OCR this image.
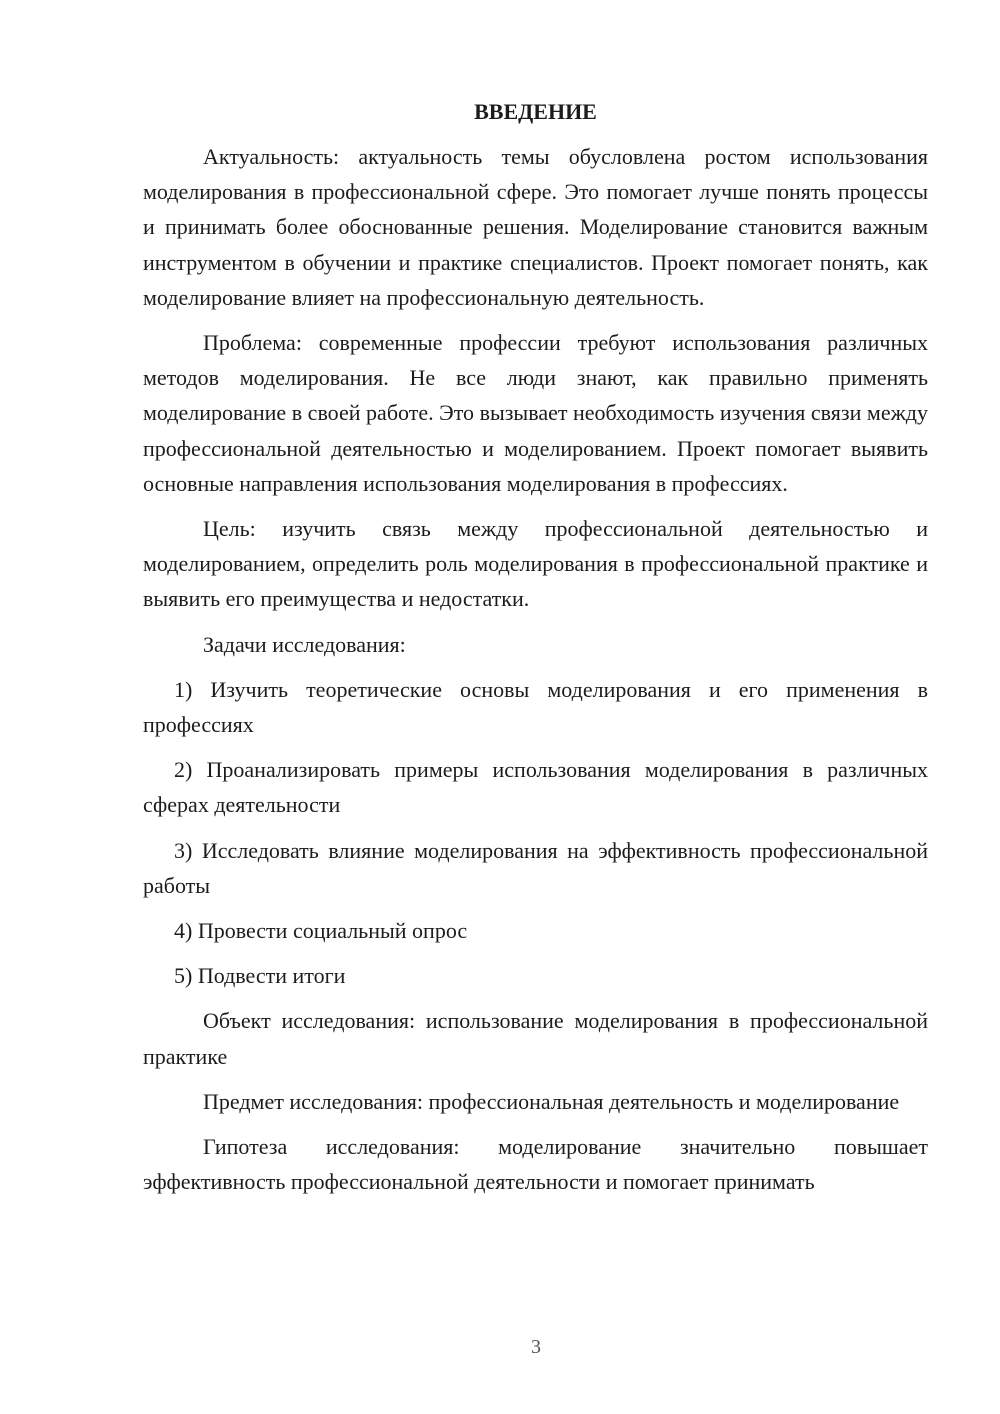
ВВЕДЕНИЕ

Актуальность: актуальность темы обусловлена ростом использования моделирования в профессиональной сфере. Это помогает лучше понять процессы и принимать более обоснованные решения. Моделирование становится важным инструментом в обучении и практике специалистов. Проект помогает понять, как моделирование влияет на профессиональную деятельность.

Проблема: современные профессии требуют использования различных методов моделирования. Не все люди знают, как правильно применять моделирование в своей работе. Это вызывает необходимость изучения связи между профессиональной деятельностью и моделированием. Проект помогает выявить основные направления использования моделирования в профессиях.

Цель: изучить связь между профессиональной деятельностью и моделированием, определить роль моделирования в профессиональной практике и выявить его преимущества и недостатки.

Задачи исследования:

1) Изучить теоретические основы моделирования и его применения в профессиях

2) Проанализировать примеры использования моделирования в различных сферах деятельности

3) Исследовать влияние моделирования на эффективность профессиональной работы

4) Провести социальный опрос

5) Подвести итоги

Объект исследования: использование моделирования в профессиональной практике

Предмет исследования: профессиональная деятельность и моделирование

Гипотеза исследования: моделирование значительно повышает эффективность профессиональной деятельности и помогает принимать

3
